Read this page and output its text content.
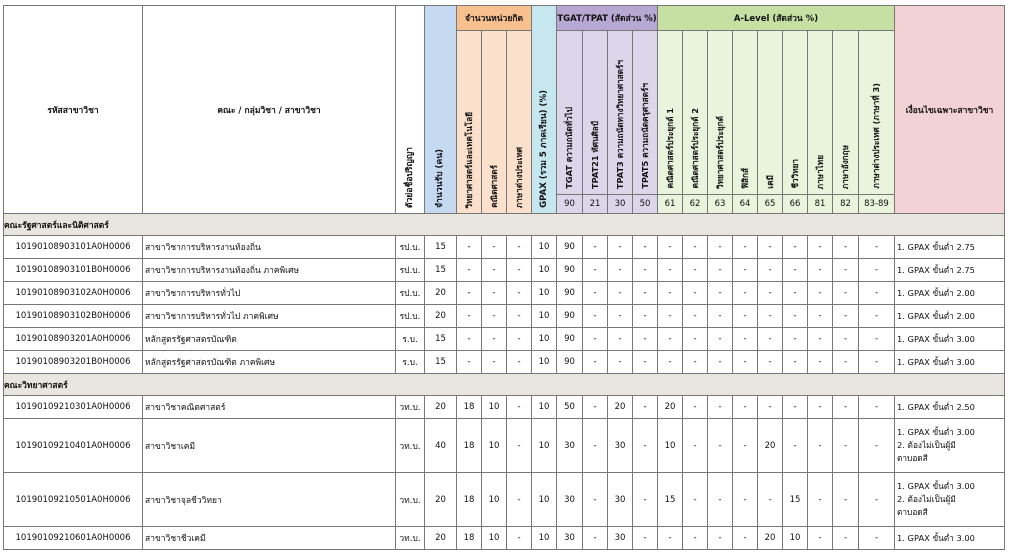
รหัสสาขาวิชา	คณะ / กลุ่มวิชา / สาขาวิชา	ตัวย่อชื่อปริญญา	จำนวนรับ (คน)	จำนวนหน่วยกิต			GPAX (รวม 5 ภาคเรียน) (%)	TGAT/TPAT (สัดส่วน %)				A-Level (สัดส่วน %)									เงื่อนไขเฉพาะสาขาวิชา
				วิทยาศาสตร์และเทคโนโลยี	คณิตศาสตร์	ภาษาต่างประเทศ		TGAT ความถนัดทั่วไป	TPAT21 ทัศนศิลป์	TPAT3 ความถนัดทางวิทยาศาสตร์ฯ	TPAT5 ความถนัดครุศาสตร์ฯ	คณิตศาสตร์ประยุกต์ 1	คณิตศาสตร์ประยุกต์ 2	วิทยาศาสตร์ประยุกต์	ฟิสิกส์	เคมี	ชีววิทยา	ภาษาไทย	ภาษาอังกฤษ	ภาษาต่างประเทศ (ภาษาที่ 3)	
								90	21	30	50	61	62	63	64	65	66	81	82	83-89	
คณะรัฐศาสตร์และนิติศาสตร์																					
10190108903101A0H0006	สาขาวิชาการบริหารงานท้องถิ่น	รป.บ.	15	-	-	-	10	90	-	-	-	-	-	-	-	-	-	-	-	-	1. GPAX ขั้นต่ำ 2.75

10190108903101B0H0006	สาขาวิชาการบริหารงานท้องถิ่น ภาคพิเศษ	รป.บ.	15	-	-	-	10	90	-	-	-	-	-	-	-	-	-	-	-	-	1. GPAX ขั้นต่ำ 2.75

10190108903102A0H0006	สาขาวิชาการบริหารทั่วไป	รป.บ.	20	-	-	-	10	90	-	-	-	-	-	-	-	-	-	-	-	-	1. GPAX ขั้นต่ำ 2.00

10190108903102B0H0006	สาขาวิชาการบริหารทั่วไป ภาคพิเศษ	รป.บ.	20	-	-	-	10	90	-	-	-	-	-	-	-	-	-	-	-	-	1. GPAX ขั้นต่ำ 2.00

10190108903201A0H0006	หลักสูตรรัฐศาสตรบัณฑิต	ร.บ.	15	-	-	-	10	90	-	-	-	-	-	-	-	-	-	-	-	-	1. GPAX ขั้นต่ำ 3.00

10190108903201B0H0006	หลักสูตรรัฐศาสตรบัณฑิต ภาคพิเศษ	ร.บ.	15	-	-	-	10	90	-	-	-	-	-	-	-	-	-	-	-	-	1. GPAX ขั้นต่ำ 3.00

คณะวิทยาศาสตร์																					
10190109210301A0H0006	สาขาวิชาคณิตศาสตร์	วท.บ.	20	18	10	-	10	50	-	20	-	20	-	-	-	-	-	-	-	-	1. GPAX ขั้นต่ำ 2.50

10190109210401A0H0006	สาขาวิชาเคมี	วท.บ.	40	18	10	-	10	30	-	30	-	10	-	-	-	20	-	-	-	-	1. GPAX ขั้นต่ำ 3.00
2. ต้องไม่เป็นผู้มี
ตาบอดสี

10190109210501A0H0006	สาขาวิชาจุลชีววิทยา	วท.บ.	20	18	10	-	10	30	-	30	-	15	-	-	-	-	15	-	-	-	1. GPAX ขั้นต่ำ 3.00
2. ต้องไม่เป็นผู้มี
ตาบอดสี

10190109210601A0H0006	สาขาวิชาชีวเคมี	วท.บ.	20	18	10	-	10	30	-	30	-	-	-	-	-	20	10	-	-	-	1. GPAX ขั้นต่ำ 3.00
